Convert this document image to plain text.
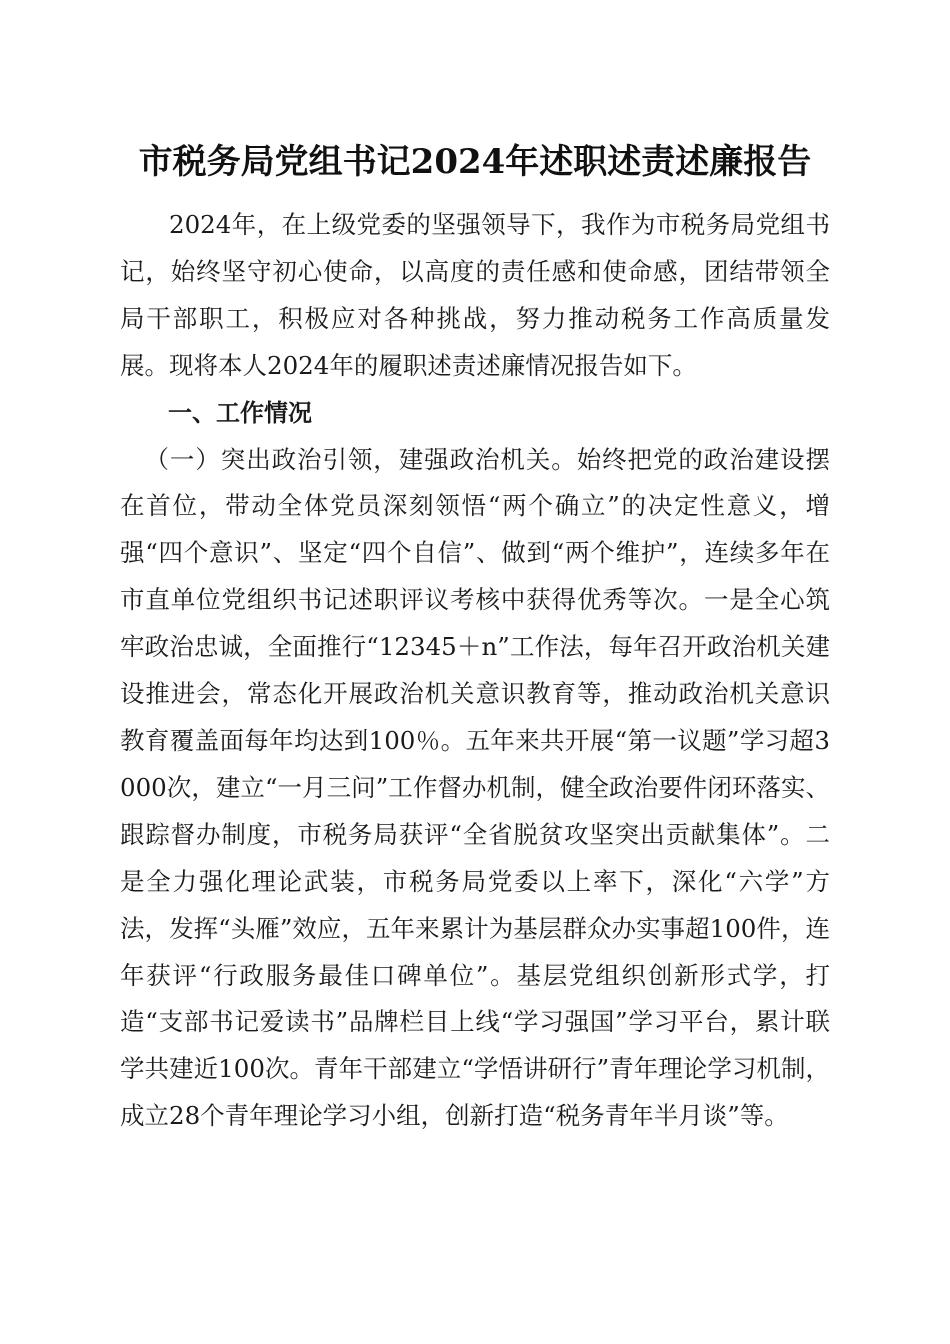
市税务局党组书记2024年述职述责述廉报告

2024年，在上级党委的坚强领导下，我作为市税务局党组书记，始终坚守初心使命，以高度的责任感和使命感，团结带领全局干部职工，积极应对各种挑战，努力推动税务工作高质量发展。现将本人2024年的履职述责述廉情况报告如下。

一、工作情况

（一）突出政治引领，建强政治机关。始终把党的政治建设摆在首位，带动全体党员深刻领悟“两个确立”的决定性意义，增强“四个意识”、坚定“四个自信”、做到“两个维护”，连续多年在市直单位党组织书记述职评议考核中获得优秀等次。一是全心筑牢政治忠诚，全面推行“12345＋n”工作法，每年召开政治机关建设推进会，常态化开展政治机关意识教育等，推动政治机关意识教育覆盖面每年均达到100％。五年来共开展“第一议题”学习超3000次，建立“一月三问”工作督办机制，健全政治要件闭环落实、跟踪督办制度，市税务局获评“全省脱贫攻坚突出贡献集体”。二是全力强化理论武装，市税务局党委以上率下，深化“六学”方法，发挥“头雁”效应，五年来累计为基层群众办实事超100件，连年获评“行政服务最佳口碑单位”。基层党组织创新形式学，打造“支部书记爱读书”品牌栏目上线“学习强国”学习平台，累计联学共建近100次。青年干部建立“学悟讲研行”青年理论学习机制，成立28个青年理论学习小组，创新打造“税务青年半月谈”等。
